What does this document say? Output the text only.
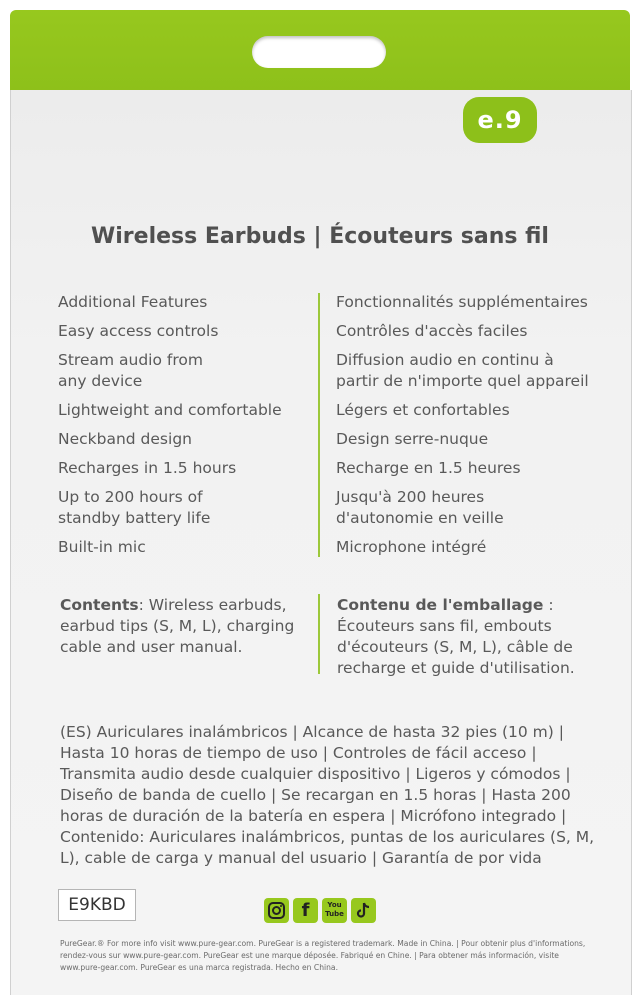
e.9
Wireless Earbuds | Écouteurs sans fil
Additional Features
Easy access controls
Stream audio from any device
Lightweight and comfortable
Neckband design
Recharges in 1.5 hours
Up to 200 hours of standby battery life
Built-in mic
Fonctionnalités supplémentaires
Contrôles d'accès faciles
Diffusion audio en continu à partir de n'importe quel appareil
Légers et confortables
Design serre-nuque
Recharge en 1.5 heures
Jusqu'à 200 heures d'autonomie en veille
Microphone intégré
Contents: Wireless earbuds, earbud tips (S, M, L), charging cable and user manual.
Contenu de l'emballage : Écouteurs sans fil, embouts d'écouteurs (S, M, L), câble de recharge et guide d'utilisation.
(ES) Auriculares inalámbricos | Alcance de hasta 32 pies (10 m) | Hasta 10 horas de tiempo de uso | Controles de fácil acceso | Transmita audio desde cualquier dispositivo | Ligeros y cómodos | Diseño de banda de cuello | Se recargan en 1.5 horas | Hasta 200 horas de duración de la batería en espera | Micrófono integrado | Contenido: Auriculares inalámbricos, puntas de los auriculares (S, M, L), cable de carga y manual del usuario | Garantía de por vida
E9KBD	f	You Tube
PureGear.® For more info visit www.pure-gear.com. PureGear is a registered trademark. Made in China. | Pour obtenir plus d'informations, rendez-vous sur www.pure-gear.com. PureGear est une marque déposée. Fabriqué en Chine. | Para obtener más información, visite www.pure-gear.com. PureGear es una marca registrada. Hecho en China.
